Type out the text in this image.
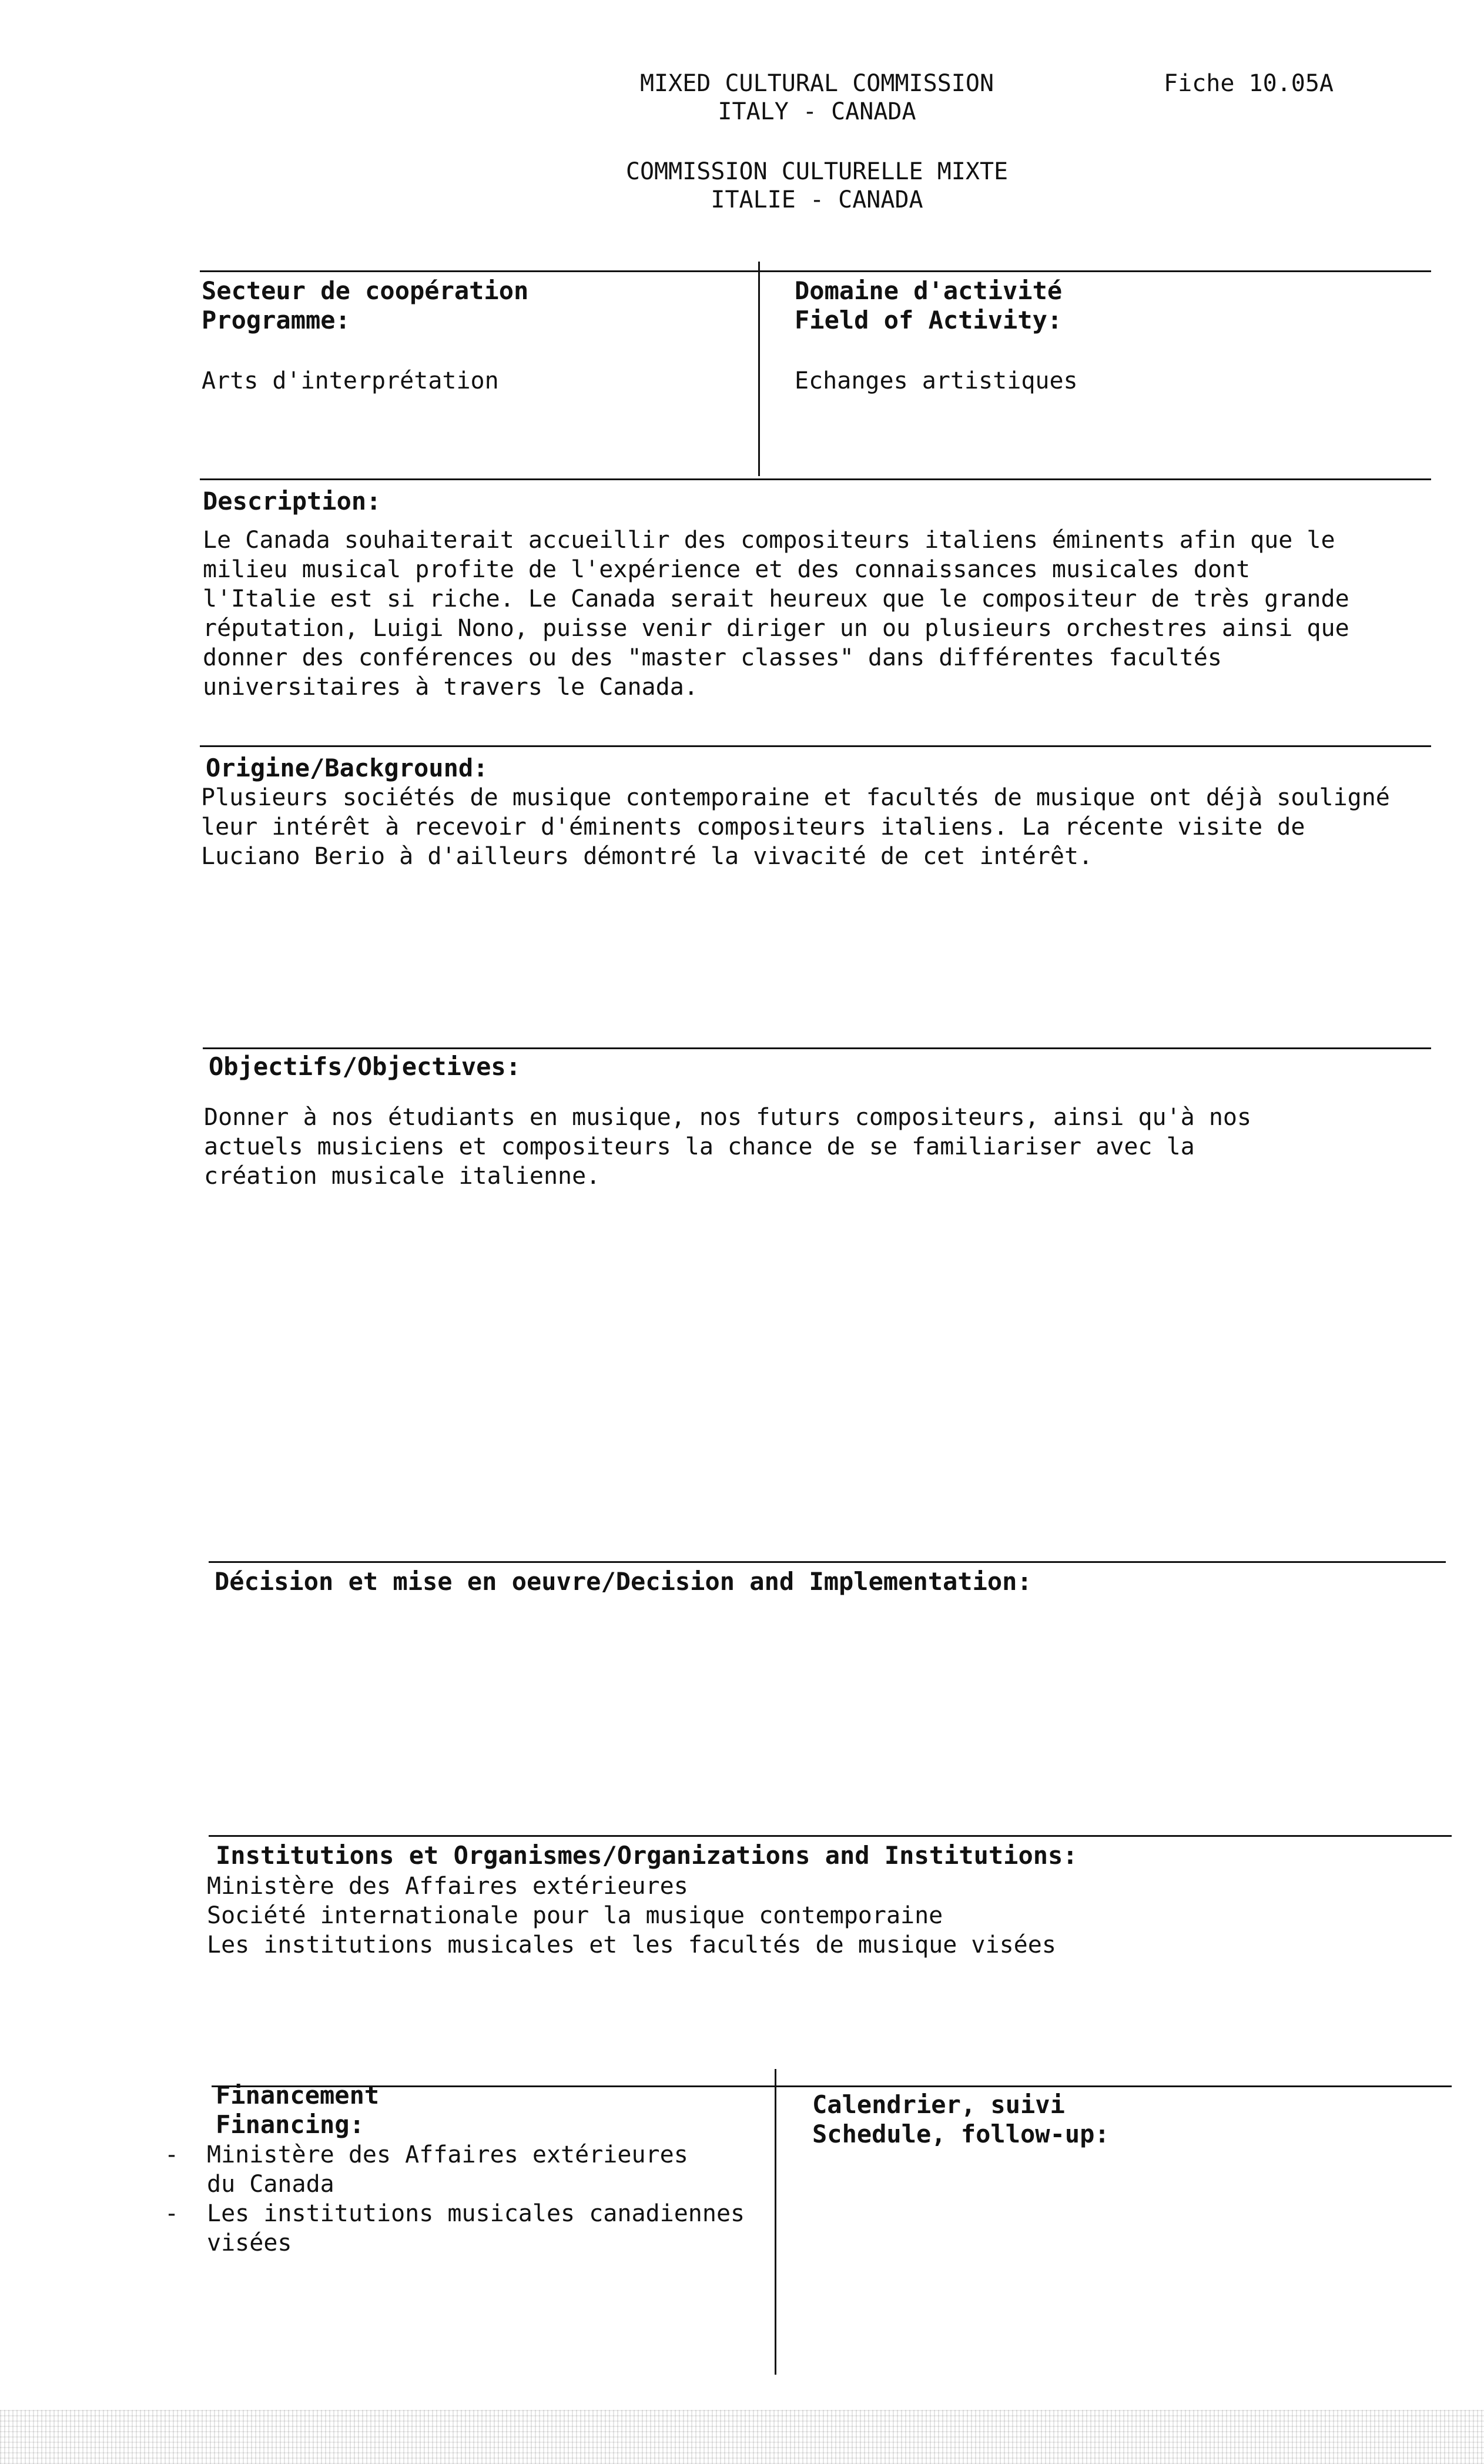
MIXED CULTURAL COMMISSION
ITALY - CANADA
Fiche 10.05A
COMMISSION CULTURELLE MIXTE
ITALIE - CANADA
Secteur de coopération
Programme:
Arts d'interprétation
Domaine d'activité
Field of Activity:
Echanges artistiques
Description:
Le Canada souhaiterait accueillir des compositeurs italiens éminents afin que le
milieu musical profite de l'expérience et des connaissances musicales dont
l'Italie est si riche. Le Canada serait heureux que le compositeur de très grande
réputation, Luigi Nono, puisse venir diriger un ou plusieurs orchestres ainsi que
donner des conférences ou des "master classes" dans différentes facultés
universitaires à travers le Canada.
Origine/Background:
Plusieurs sociétés de musique contemporaine et facultés de musique ont déjà souligné
leur intérêt à recevoir d'éminents compositeurs italiens. La récente visite de
Luciano Berio à d'ailleurs démontré la vivacité de cet intérêt.
Objectifs/Objectives:
Donner à nos étudiants en musique, nos futurs compositeurs, ainsi qu'à nos
actuels musiciens et compositeurs la chance de se familiariser avec la
création musicale italienne.
Décision et mise en oeuvre/Decision and Implementation:
Institutions et Organismes/Organizations and Institutions:
Ministère des Affaires extérieures
Société internationale pour la musique contemporaine
Les institutions musicales et les facultés de musique visées
Financement
Financing:
- Ministère des Affaires extérieures
du Canada
- Les institutions musicales canadiennes
visées
Calendrier, suivi
Schedule, follow-up:
